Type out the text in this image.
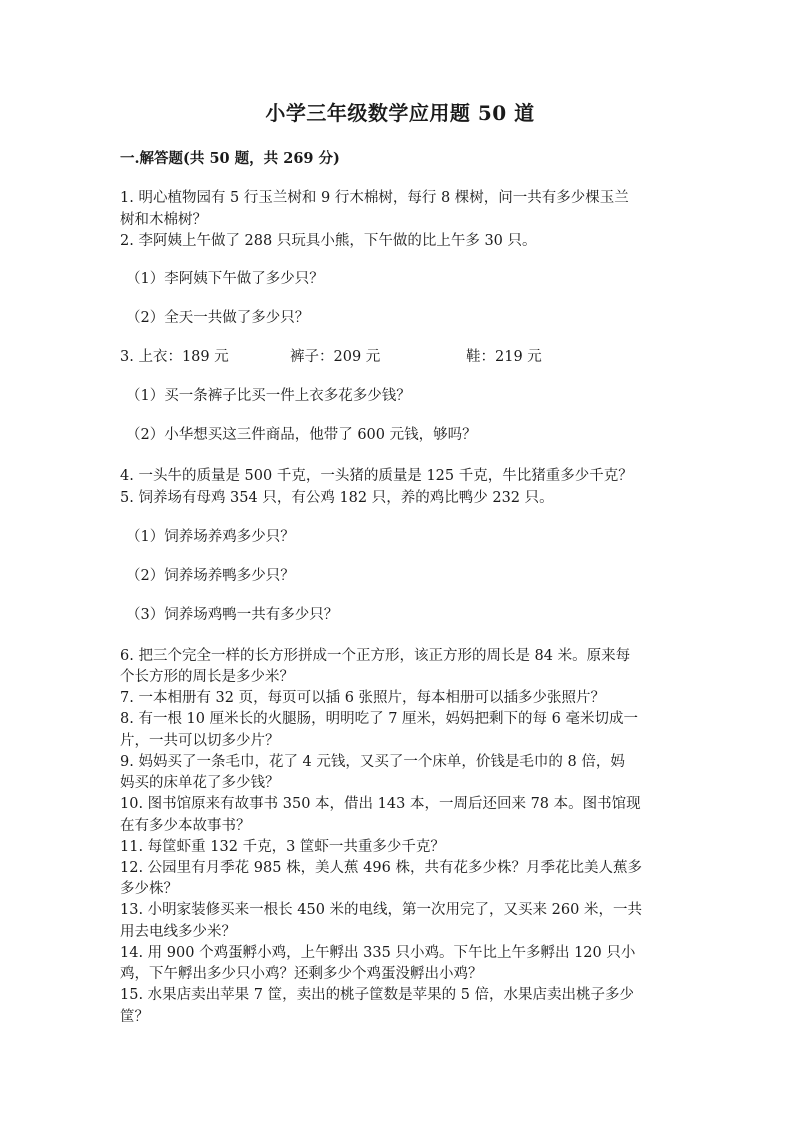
小学三年级数学应用题 50 道
一.解答题(共 50 题，共 269 分)
1. 明心植物园有 5 行玉兰树和 9 行木棉树，每行 8 棵树，问一共有多少棵玉兰
树和木棉树？
2. 李阿姨上午做了 288 只玩具小熊，下午做的比上午多 30 只。
（1）李阿姨下午做了多少只？
（2）全天一共做了多少只？
3. 上衣：189 元	裤子：209 元	鞋：219 元
（1）买一条裤子比买一件上衣多花多少钱？
（2）小华想买这三件商品，他带了 600 元钱，够吗？
4. 一头牛的质量是 500 千克，一头猪的质量是 125 千克，牛比猪重多少千克？
5. 饲养场有母鸡 354 只，有公鸡 182 只，养的鸡比鸭少 232 只。
（1）饲养场养鸡多少只？
（2）饲养场养鸭多少只？
（3）饲养场鸡鸭一共有多少只？
6. 把三个完全一样的长方形拼成一个正方形，该正方形的周长是 84 米。原来每
个长方形的周长是多少米？
7. 一本相册有 32 页，每页可以插 6 张照片，每本相册可以插多少张照片？
8. 有一根 10 厘米长的火腿肠，明明吃了 7 厘米，妈妈把剩下的每 6 毫米切成一
片，一共可以切多少片？
9. 妈妈买了一条毛巾，花了 4 元钱，又买了一个床单，价钱是毛巾的 8 倍，妈
妈买的床单花了多少钱？
10. 图书馆原来有故事书 350 本，借出 143 本，一周后还回来 78 本。图书馆现
在有多少本故事书？
11. 每筐虾重 132 千克，3 筐虾一共重多少千克？
12. 公园里有月季花 985 株，美人蕉 496 株，共有花多少株？月季花比美人蕉多
多少株？
13. 小明家装修买来一根长 450 米的电线，第一次用完了，又买来 260 米，一共
用去电线多少米？
14. 用 900 个鸡蛋孵小鸡，上午孵出 335 只小鸡。下午比上午多孵出 120 只小
鸡，下午孵出多少只小鸡？还剩多少个鸡蛋没孵出小鸡？
15. 水果店卖出苹果 7 筐，卖出的桃子筐数是苹果的 5 倍，水果店卖出桃子多少
筐？
